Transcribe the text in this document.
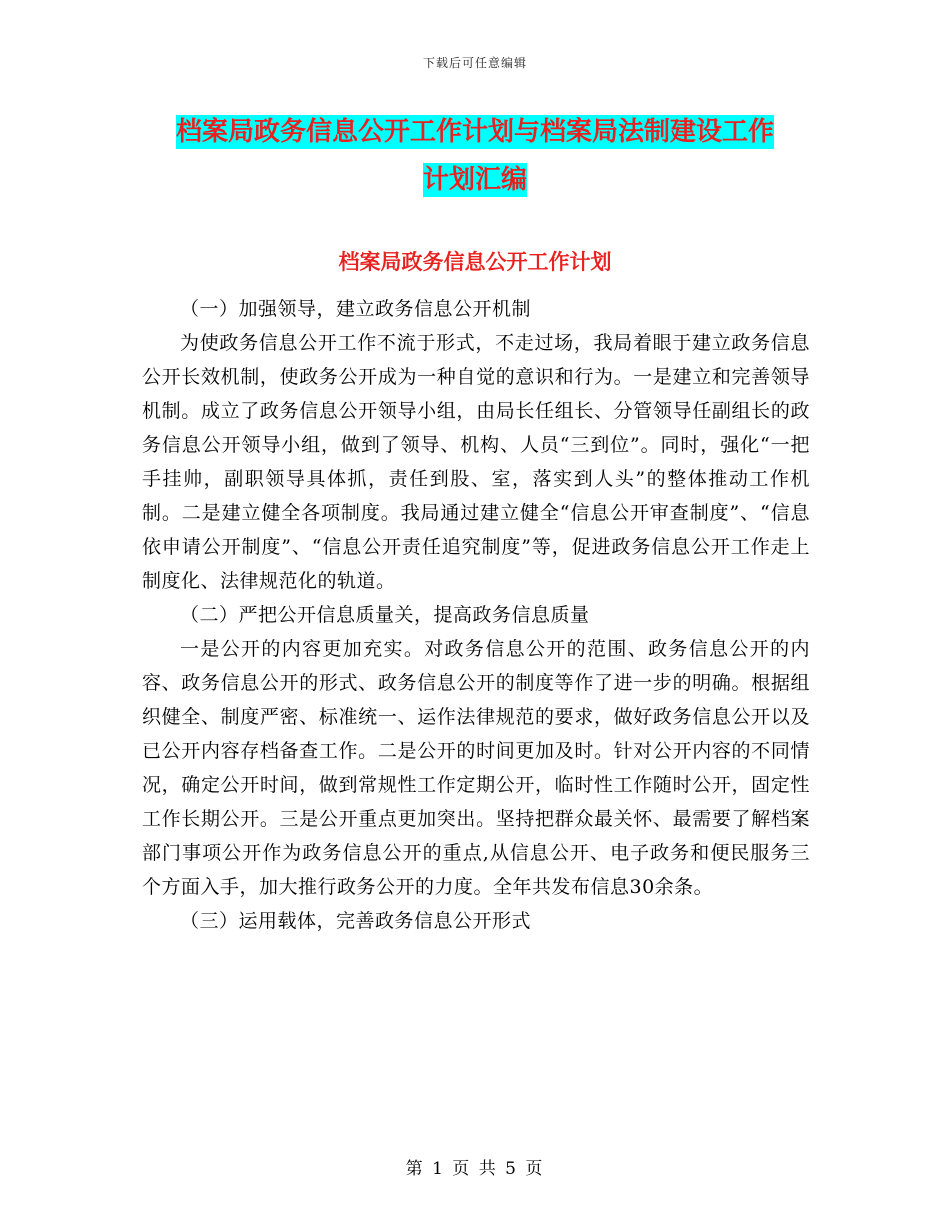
下载后可任意编辑
档案局政务信息公开工作计划与档案局法制建设工作
计划汇编
档案局政务信息公开工作计划

（一）加强领导，建立政务信息公开机制

为使政务信息公开工作不流于形式，不走过场，我局着眼于建立政务信息公开长效机制，使政务公开成为一种自觉的意识和行为。一是建立和完善领导机制。成立了政务信息公开领导小组，由局长任组长、分管领导任副组长的政务信息公开领导小组，做到了领导、机构、人员“三到位”。同时，强化“一把手挂帅，副职领导具体抓，责任到股、室，落实到人头”的整体推动工作机制。二是建立健全各项制度。我局通过建立健全“信息公开审查制度”、“信息依申请公开制度”、“信息公开责任追究制度”等，促进政务信息公开工作走上制度化、法律规范化的轨道。

（二）严把公开信息质量关，提高政务信息质量

一是公开的内容更加充实。对政务信息公开的范围、政务信息公开的内容、政务信息公开的形式、政务信息公开的制度等作了进一步的明确。根据组织健全、制度严密、标准统一、运作法律规范的要求，做好政务信息公开以及已公开内容存档备查工作。二是公开的时间更加及时。针对公开内容的不同情况，确定公开时间，做到常规性工作定期公开，临时性工作随时公开，固定性工作长期公开。三是公开重点更加突出。坚持把群众最关怀、最需要了解档案部门事项公开作为政务信息公开的重点,从信息公开、电子政务和便民服务三个方面入手，加大推行政务公开的力度。全年共发布信息30余条。

（三）运用载体，完善政务信息公开形式

第 1 页 共 5 页
